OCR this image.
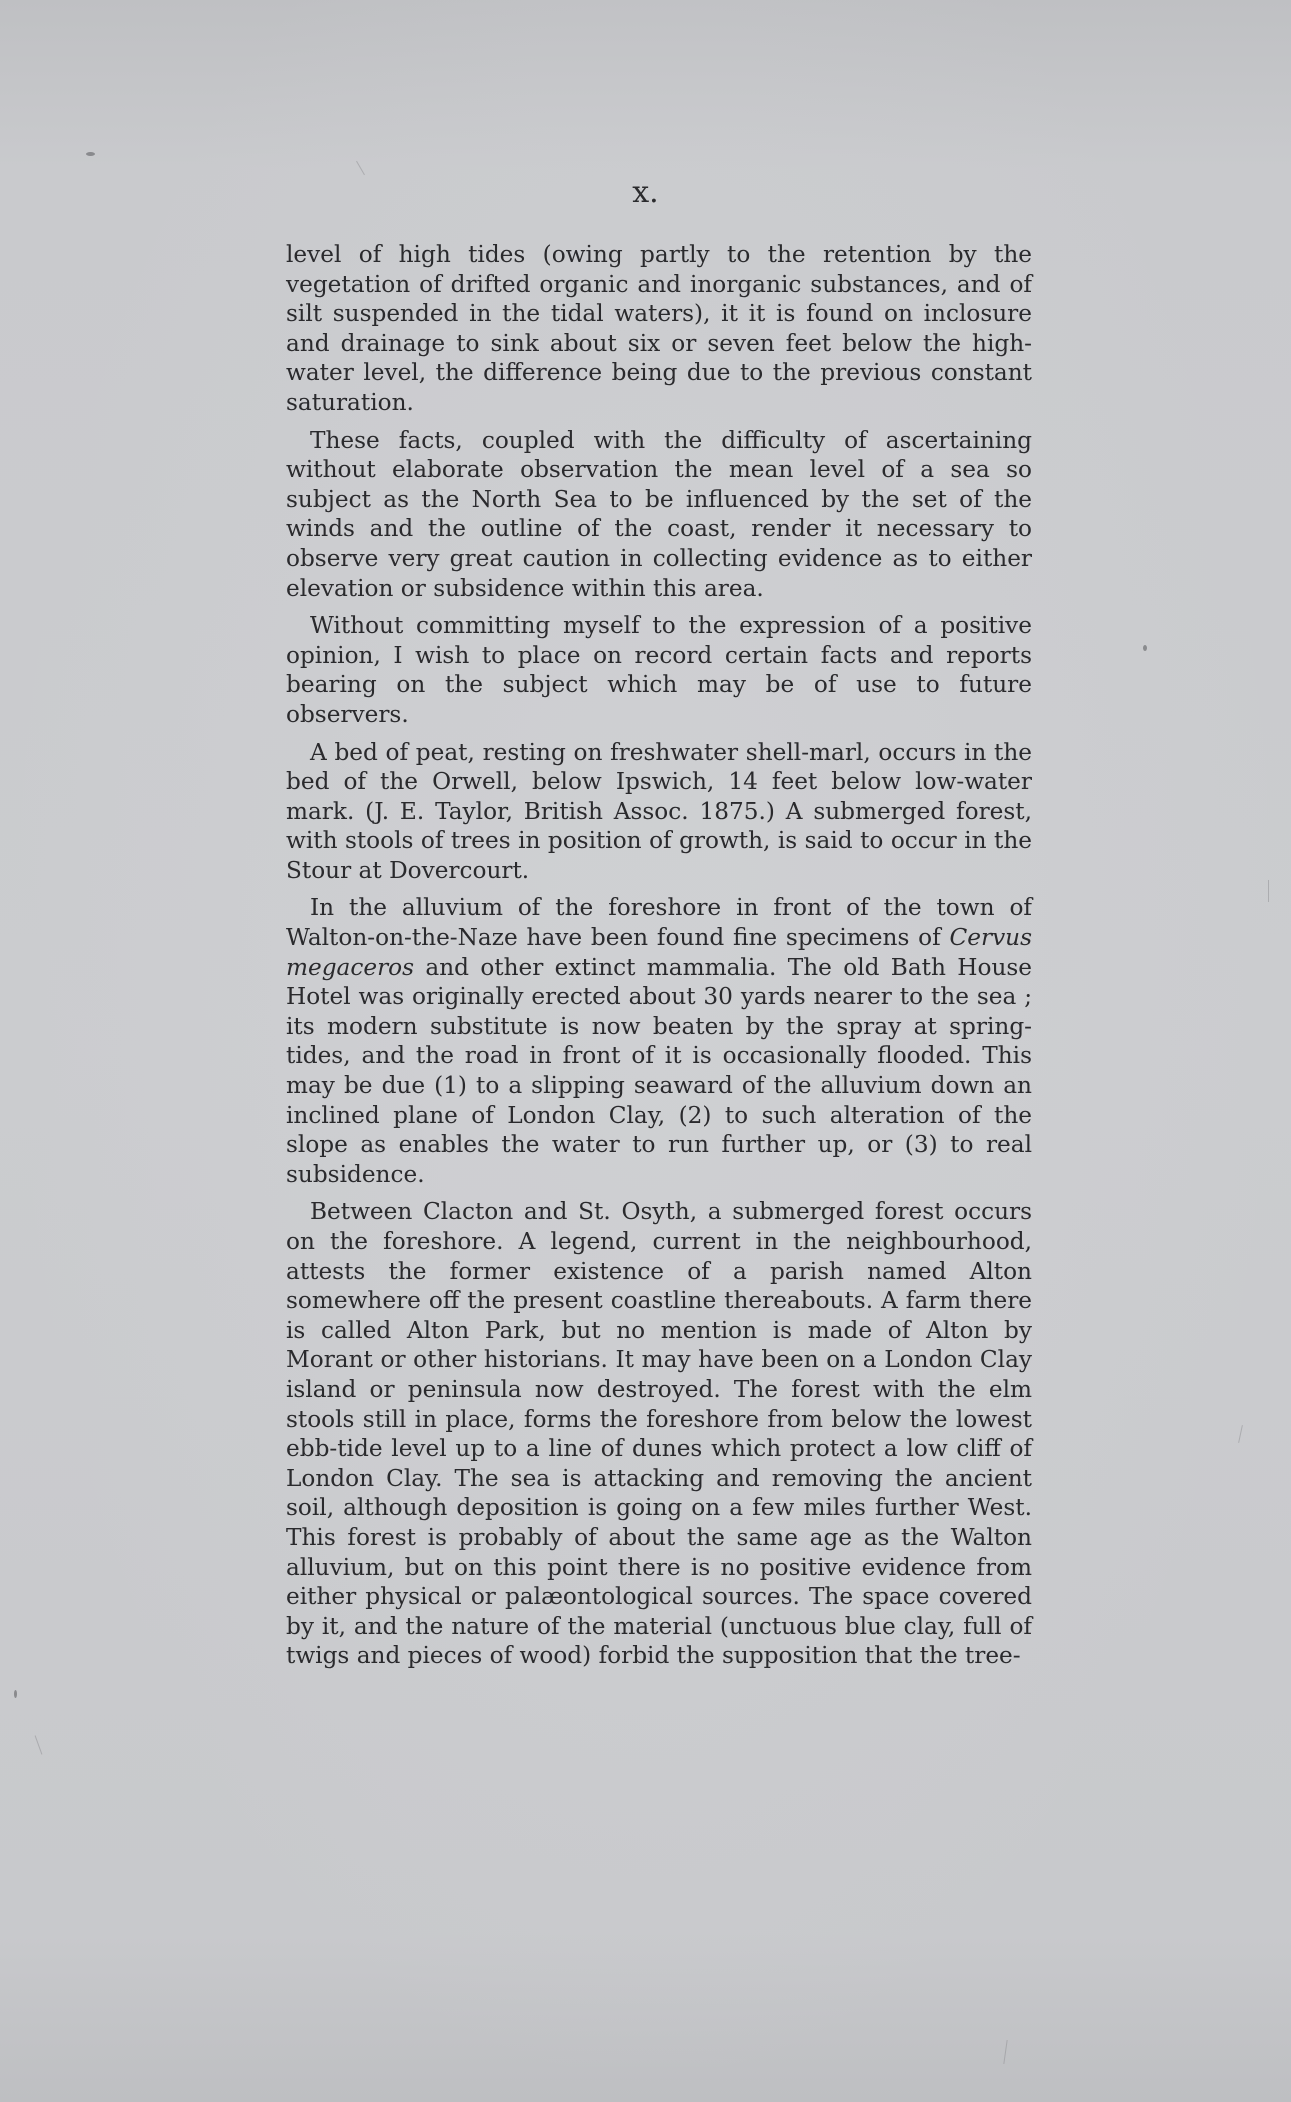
x.

level of high tides (owing partly to the retention by the vegetation of drifted organic and inorganic substances, and of silt suspended in the tidal waters), it it is found on inclosure and drainage to sink about six or seven feet below the high-water level, the difference being due to the previous constant saturation.

These facts, coupled with the difficulty of ascertaining without elaborate observation the mean level of a sea so subject as the North Sea to be influenced by the set of the winds and the outline of the coast, render it necessary to observe very great caution in collecting evidence as to either elevation or subsidence within this area.

Without committing myself to the expression of a positive opinion, I wish to place on record certain facts and reports bearing on the subject which may be of use to future observers.

A bed of peat, resting on freshwater shell-marl, occurs in the bed of the Orwell, below Ipswich, 14 feet below low-water mark. (J. E. Taylor, British Assoc. 1875.) A submerged forest, with stools of trees in position of growth, is said to occur in the Stour at Dovercourt.

In the alluvium of the foreshore in front of the town of Walton-on-the-Naze have been found fine specimens of Cervus megaceros and other extinct mammalia. The old Bath House Hotel was originally erected about 30 yards nearer to the sea ; its modern substitute is now beaten by the spray at spring-tides, and the road in front of it is occasionally flooded. This may be due (1) to a slipping seaward of the alluvium down an inclined plane of London Clay, (2) to such alteration of the slope as enables the water to run further up, or (3) to real subsidence.

Between Clacton and St. Osyth, a submerged forest occurs on the foreshore. A legend, current in the neighbourhood, attests the former existence of a parish named Alton somewhere off the present coastline thereabouts. A farm there is called Alton Park, but no mention is made of Alton by Morant or other historians. It may have been on a London Clay island or peninsula now destroyed. The forest with the elm stools still in place, forms the foreshore from below the lowest ebb-tide level up to a line of dunes which protect a low cliff of London Clay. The sea is attacking and removing the ancient soil, although deposition is going on a few miles further West. This forest is probably of about the same age as the Walton alluvium, but on this point there is no positive evidence from either physical or palæontological sources. The space covered by it, and the nature of the material (unctuous blue clay, full of twigs and pieces of wood) forbid the supposition that the tree-
